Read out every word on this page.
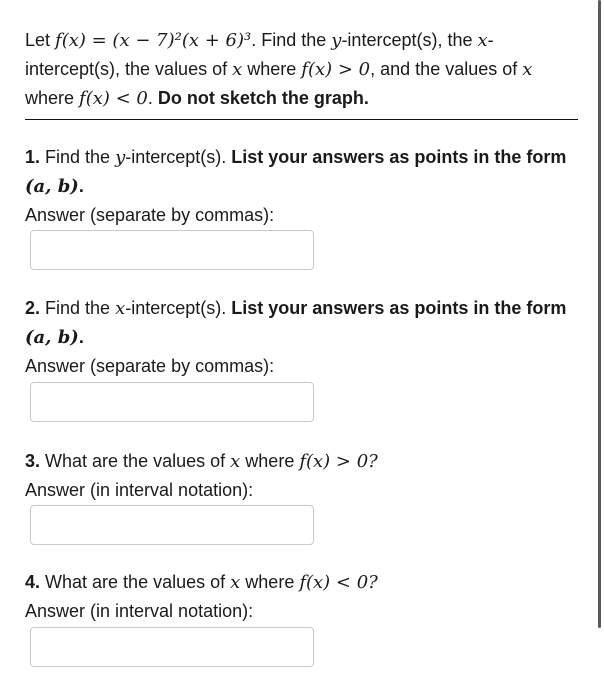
Let f(x) = (x − 7)²(x + 6)³. Find the y-intercept(s), the x-intercept(s), the values of x where f(x) > 0, and the values of x where f(x) < 0. Do not sketch the graph.
1. Find the y-intercept(s). List your answers as points in the form (a, b).
Answer (separate by commas):
2. Find the x-intercept(s). List your answers as points in the form (a, b).
Answer (separate by commas):
3. What are the values of x where f(x) > 0?
Answer (in interval notation):
4. What are the values of x where f(x) < 0?
Answer (in interval notation):
